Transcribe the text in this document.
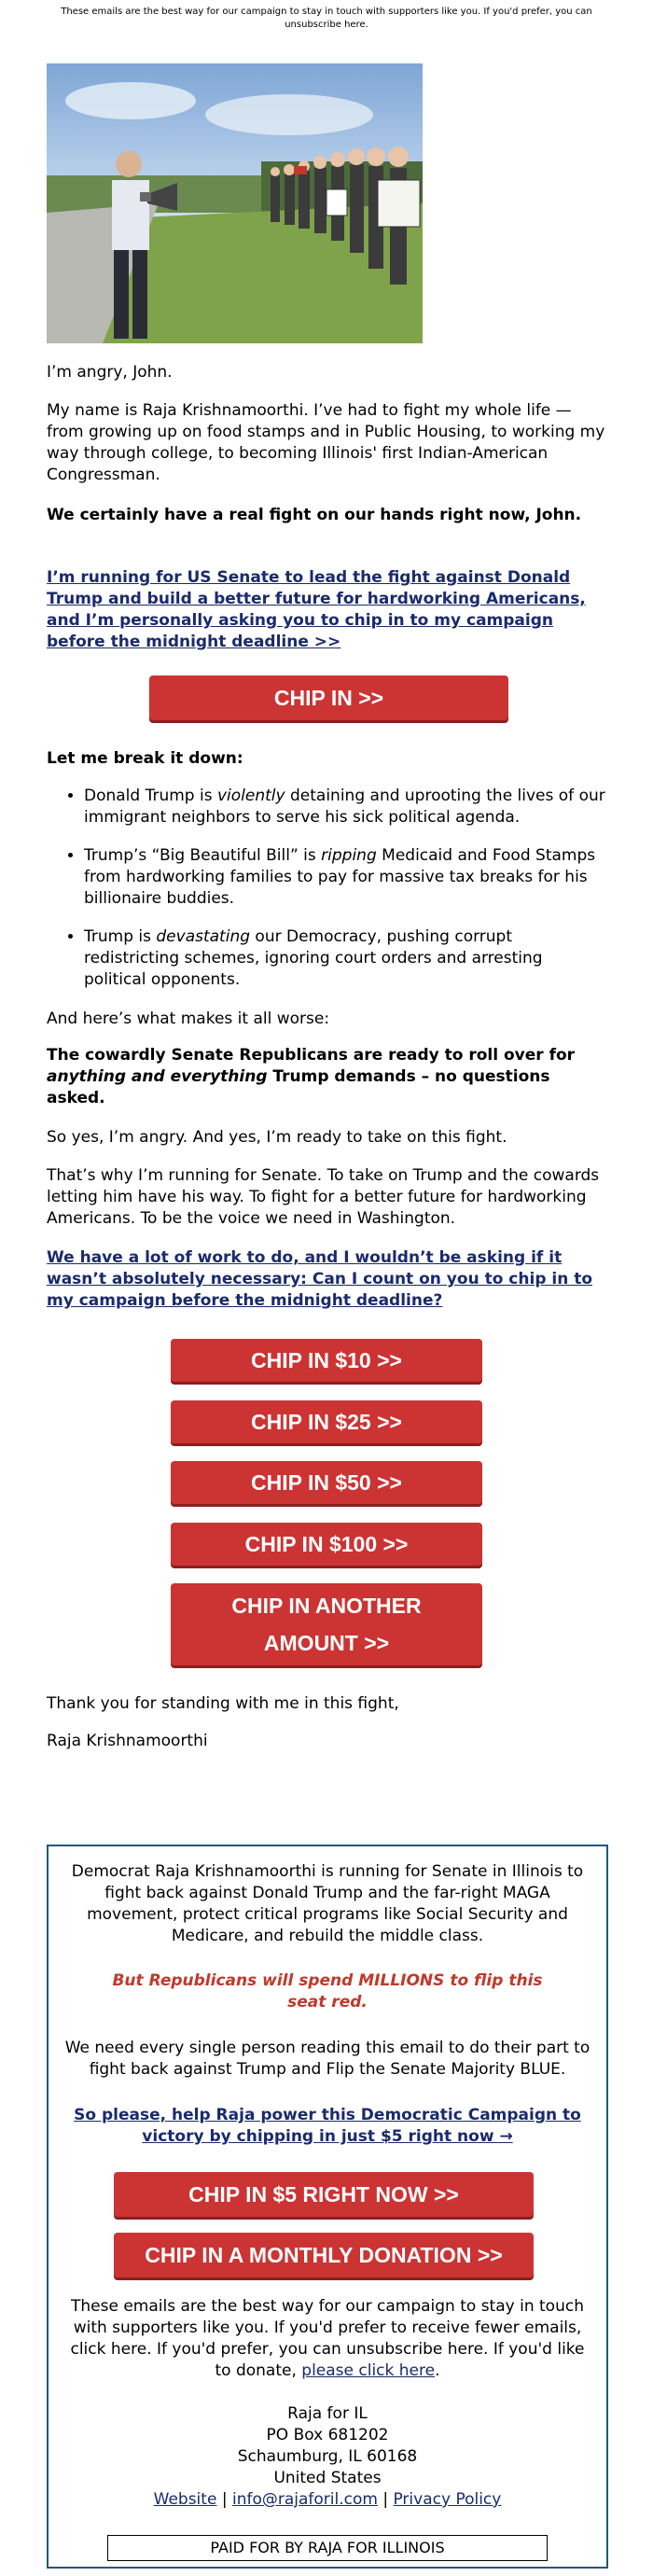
These emails are the best way for our campaign to stay in touch with supporters like you. If you'd prefer, you can unsubscribe here.

I’m angry, John.

My name is Raja Krishnamoorthi. I’ve had to fight my whole life — from growing up on food stamps and in Public Housing, to working my way through college, to becoming Illinois' first Indian-American Congressman.

We certainly have a real fight on our hands right now, John.

I’m running for US Senate to lead the fight against Donald Trump and build a better future for hardworking Americans, and I’m personally asking you to chip in to my campaign before the midnight deadline >>
CHIP IN >>

Let me break it down:

• Donald Trump is violently detaining and uprooting the lives of our immigrant neighbors to serve his sick political agenda.
• Trump’s “Big Beautiful Bill” is ripping Medicaid and Food Stamps from hardworking families to pay for massive tax breaks for his billionaire buddies.
• Trump is devastating our Democracy, pushing corrupt redistricting schemes, ignoring court orders and arresting political opponents.

And here’s what makes it all worse:

The cowardly Senate Republicans are ready to roll over for anything and everything Trump demands – no questions asked.

So yes, I’m angry. And yes, I’m ready to take on this fight.

That’s why I’m running for Senate. To take on Trump and the cowards letting him have his way. To fight for a better future for hardworking Americans. To be the voice we need in Washington.

We have a lot of work to do, and I wouldn’t be asking if it wasn’t absolutely necessary: Can I count on you to chip in to my campaign before the midnight deadline?
CHIP IN $10 >>
CHIP IN $25 >>
CHIP IN $50 >>
CHIP IN $100 >>
CHIP IN ANOTHER
AMOUNT >>

Thank you for standing with me in this fight,

Raja Krishnamoorthi

Democrat Raja Krishnamoorthi is running for Senate in Illinois to fight back against Donald Trump and the far-right MAGA movement, protect critical programs like Social Security and Medicare, and rebuild the middle class.

But Republicans will spend MILLIONS to flip this seat red.

We need every single person reading this email to do their part to fight back against Trump and Flip the Senate Majority BLUE.

So please, help Raja power this Democratic Campaign to victory by chipping in just $5 right now →
CHIP IN $5 RIGHT NOW >>
CHIP IN A MONTHLY DONATION >>

These emails are the best way for our campaign to stay in touch with supporters like you. If you'd prefer to receive fewer emails, click here. If you'd prefer, you can unsubscribe here. If you'd like to donate, please click here.

Raja for IL

PO Box 681202

Schaumburg, IL 60168

United States

Website | info@rajaforil.com | Privacy Policy

PAID FOR BY RAJA FOR ILLINOIS
